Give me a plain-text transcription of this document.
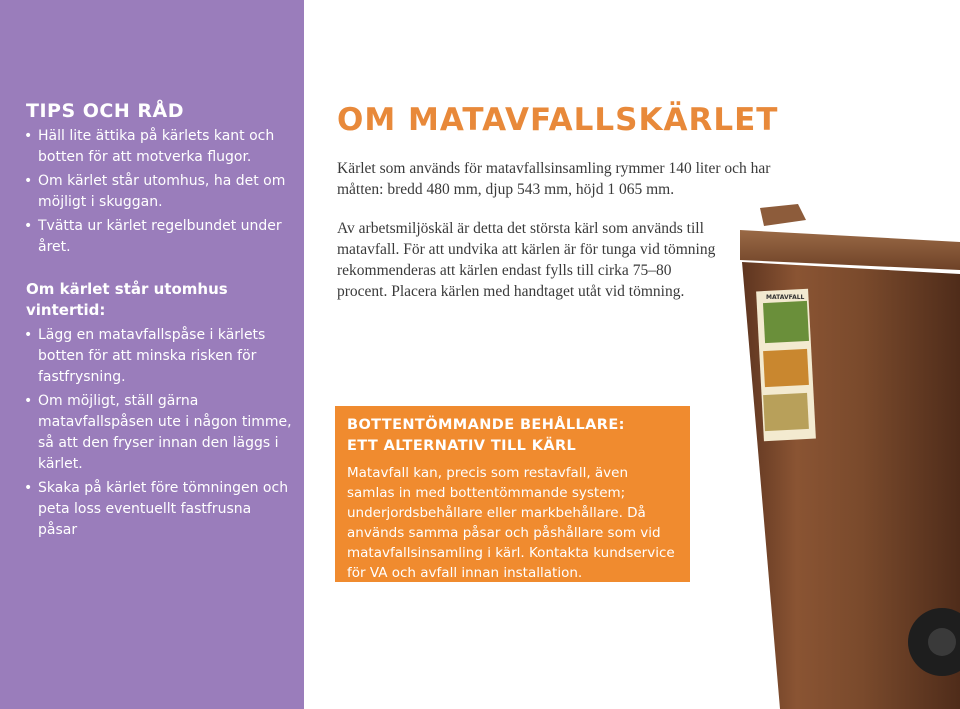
TIPS OCH RÅD
• Häll lite ättika på kärlets kant och botten för att motverka flugor.
• Om kärlet står utomhus, ha det om möjligt i skuggan.
• Tvätta ur kärlet regelbundet under året.
Om kärlet står utomhus vintertid:
• Lägg en matavfallspåse i kärlets botten för att minska risken för fastfrysning.
• Om möjligt, ställ gärna matavfallspåsen ute i någon timme, så att den fryser innan den läggs i kärlet.
• Skaka på kärlet före tömningen och peta loss eventuellt fastfrusna påsar
MATAVFALL
OM MATAVFALLSKÄRLET

Kärlet som används för matavfallsinsamling rymmer 140 liter och har måtten: bredd 480 mm, djup 543 mm, höjd 1 065 mm.

Av arbetsmiljöskäl är detta det största kärl som används till matavfall. För att undvika att kärlen är för tunga vid tömning rekommenderas att kärlen endast fylls till cirka 75–80 procent. Placera kärlen med handtaget utåt vid tömning.

BOTTENTÖMMANDE BEHÅLLARE:
ETT ALTERNATIV TILL KÄRL

Matavfall kan, precis som restavfall, även samlas in med bottentömmande system; underjordsbehållare eller markbehållare. Då används samma påsar och påshållare som vid matavfallsinsamling i kärl. Kontakta kundservice för VA och avfall innan installation.
